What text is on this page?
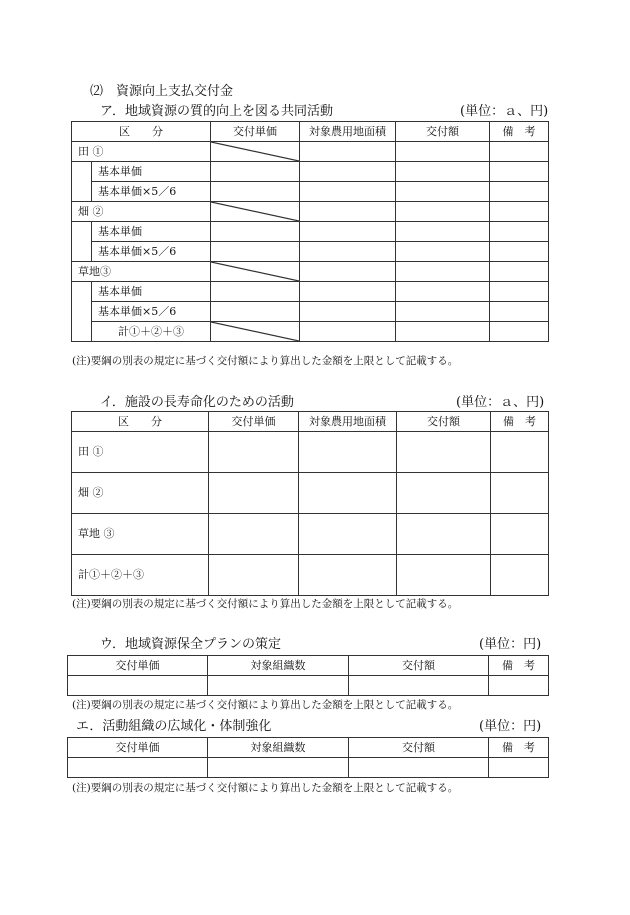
⑵　資源向上支払交付金
ア．地域資源の質的向上を図る共同活動	(単位：ａ、円)
区　　分		交付単価	対象農用地面積	交付額	備　考
田 ①	

	基本単価				
	基本単価×5／6				
畑 ②	

	基本単価				
	基本単価×5／6				
草地③	

	基本単価				
	基本単価×5／6				
	計①＋②＋③	

(注)要綱の別表の規定に基づく交付額により算出した金額を上限として記載する。
イ．施設の長寿命化のための活動	(単位：ａ、円)
区　　分	交付単価	対象農用地面積	交付額	備　考
田 ①				
畑 ②				
草地 ③				
計①＋②＋③				
(注)要綱の別表の規定に基づく交付額により算出した金額を上限として記載する。
ウ．地域資源保全プランの策定	(単位：円)
交付単価	対象組織数	交付額	備　考

(注)要綱の別表の規定に基づく交付額により算出した金額を上限として記載する。
エ．活動組織の広域化・体制強化	(単位：円)
交付単価	対象組織数	交付額	備　考

(注)要綱の別表の規定に基づく交付額により算出した金額を上限として記載する。
